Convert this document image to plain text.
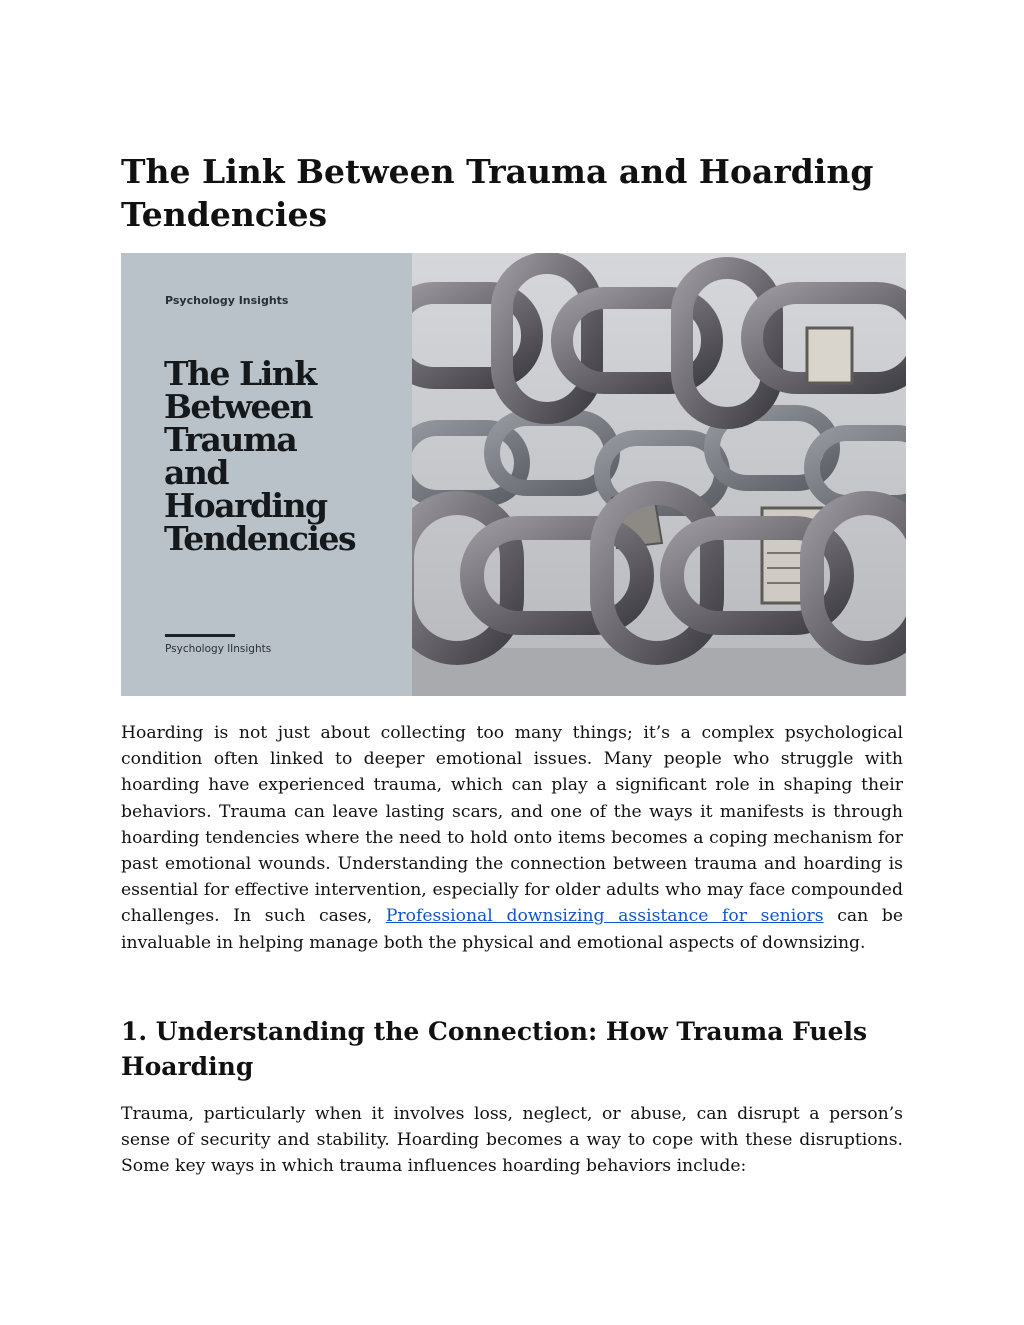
The Link Between Trauma and Hoarding Tendencies
Psychology Insights
The Link
Between
Trauma
and
Hoarding
Tendencies
Psychology lInsights

Hoarding is not just about collecting too many things; it’s a complex psychological condition often linked to deeper emotional issues. Many people who struggle with hoarding have experienced trauma, which can play a significant role in shaping their behaviors. Trauma can leave lasting scars, and one of the ways it manifests is through hoarding tendencies where the need to hold onto items becomes a coping mechanism for past emotional wounds. Understanding the connection between trauma and hoarding is essential for effective intervention, especially for older adults who may face compounded challenges. In such cases, Professional downsizing assistance for seniors can be invaluable in helping manage both the physical and emotional aspects of downsizing.

1. Understanding the Connection: How Trauma Fuels Hoarding

Trauma, particularly when it involves loss, neglect, or abuse, can disrupt a person’s sense of security and stability. Hoarding becomes a way to cope with these disruptions. Some key ways in which trauma influences hoarding behaviors include:
